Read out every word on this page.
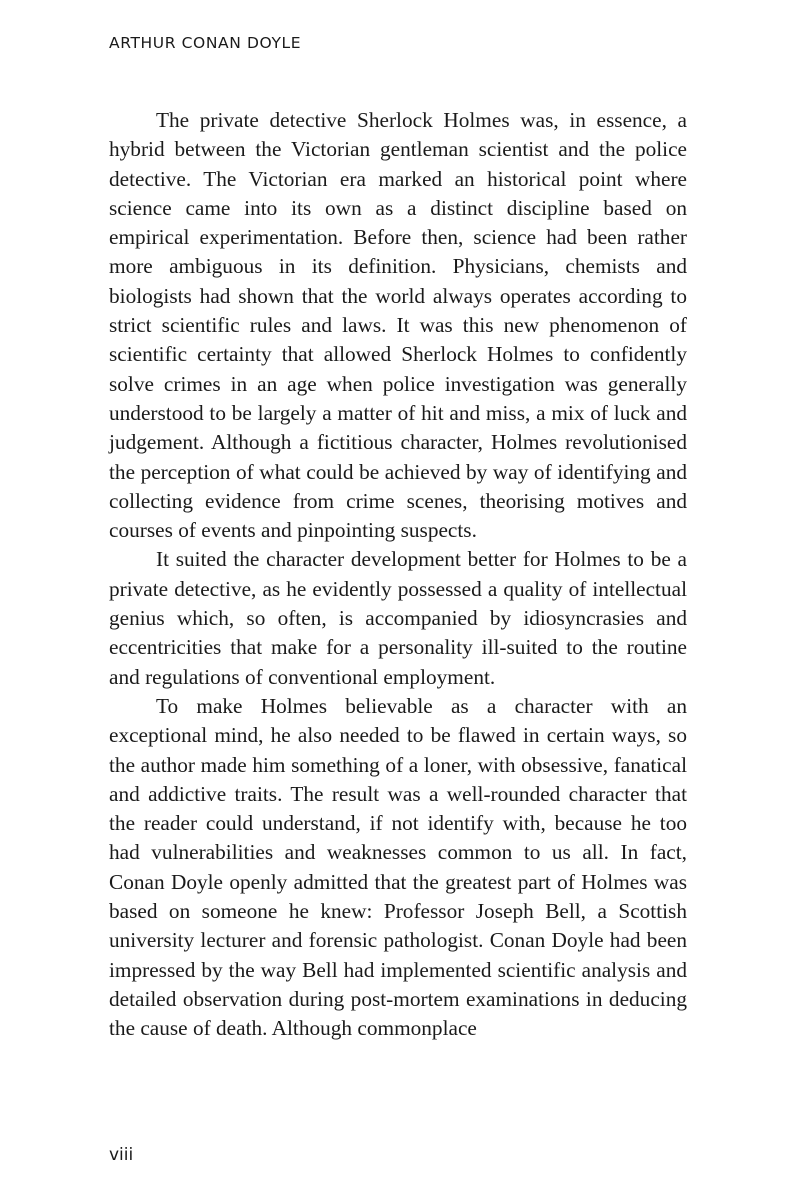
ARTHUR CONAN DOYLE

The private detective Sherlock Holmes was, in essence, a hybrid between the Victorian gentleman scientist and the police detective. The Victorian era marked an historical point where science came into its own as a distinct discipline based on empirical experimentation. Before then, science had been rather more ambiguous in its definition. Physicians, chemists and biologists had shown that the world always operates according to strict scientific rules and laws. It was this new phenomenon of scientific certainty that allowed Sherlock Holmes to confidently solve crimes in an age when police investigation was generally understood to be largely a matter of hit and miss, a mix of luck and judgement. Although a fictitious character, Holmes revolutionised the perception of what could be achieved by way of identifying and collecting evidence from crime scenes, theorising motives and courses of events and pinpointing suspects.

It suited the character development better for Holmes to be a private detective, as he evidently possessed a quality of intellectual genius which, so often, is accompanied by idiosyncrasies and eccentricities that make for a personality ill-suited to the routine and regulations of conventional employment.

To make Holmes believable as a character with an exceptional mind, he also needed to be flawed in certain ways, so the author made him something of a loner, with obsessive, fanatical and addictive traits. The result was a well-rounded character that the reader could understand, if not identify with, because he too had vulnerabilities and weaknesses common to us all. In fact, Conan Doyle openly admitted that the greatest part of Holmes was based on someone he knew: Professor Joseph Bell, a Scottish university lecturer and forensic pathologist. Conan Doyle had been impressed by the way Bell had implemented scientific analysis and detailed observation during post-mortem examinations in deducing the cause of death. Although commonplace

viii
